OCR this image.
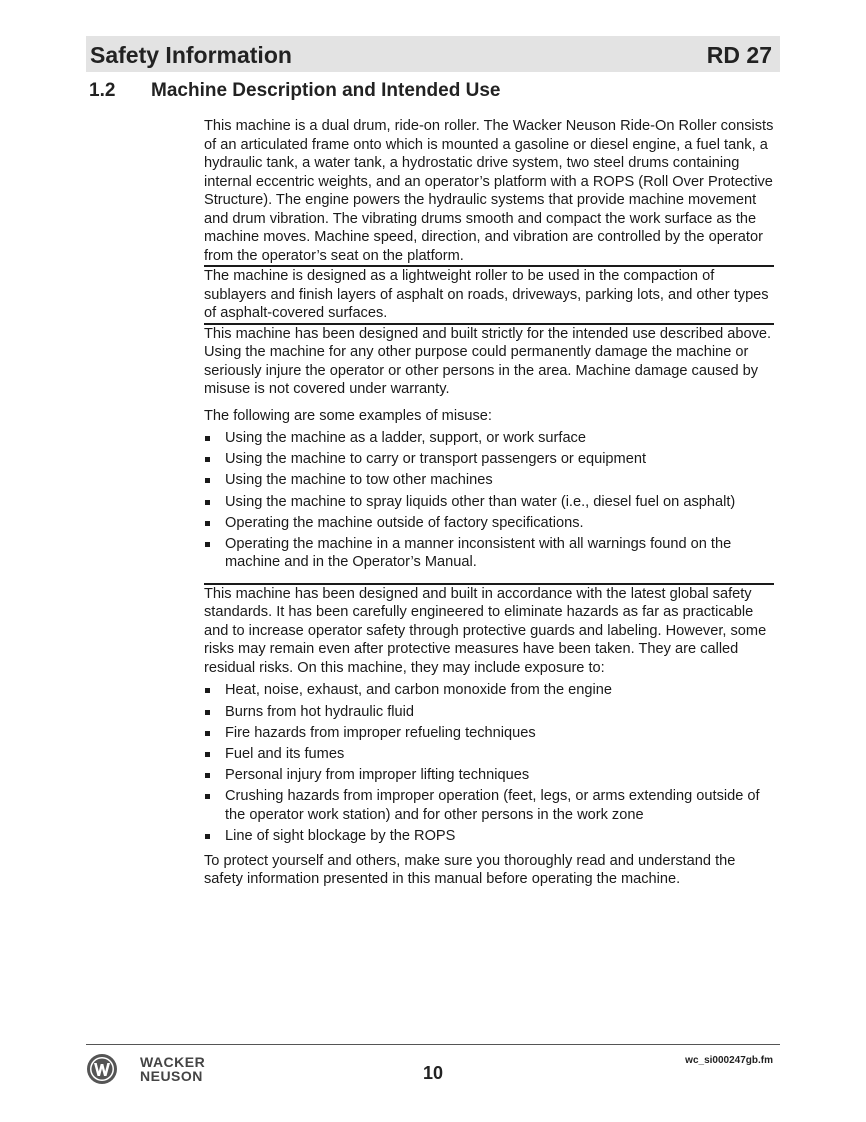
Safety Information	RD 27
1.2 Machine Description and Intended Use

This machine is a dual drum, ride-on roller. The Wacker Neuson Ride-On Roller consists of an articulated frame onto which is mounted a gasoline or diesel engine, a fuel tank, a hydraulic tank, a water tank, a hydrostatic drive system, two steel drums containing internal eccentric weights, and an operator’s platform with a ROPS (Roll Over Protective Structure). The engine powers the hydraulic systems that provide machine movement and drum vibration. The vibrating drums smooth and compact the work surface as the machine moves. Machine speed, direction, and vibration are controlled by the operator from the operator’s seat on the platform.

The machine is designed as a lightweight roller to be used in the compaction of sublayers and finish layers of asphalt on roads, driveways, parking lots, and other types of asphalt-covered surfaces.

This machine has been designed and built strictly for the intended use described above. Using the machine for any other purpose could permanently damage the machine or seriously injure the operator or other persons in the area. Machine damage caused by misuse is not covered under warranty.

The following are some examples of misuse:

Using the machine as a ladder, support, or work surface
Using the machine to carry or transport passengers or equipment
Using the machine to tow other machines
Using the machine to spray liquids other than water (i.e., diesel fuel on asphalt)
Operating the machine outside of factory specifications.
Operating the machine in a manner inconsistent with all warnings found on the machine and in the Operator’s Manual.

This machine has been designed and built in accordance with the latest global safety standards. It has been carefully engineered to eliminate hazards as far as practicable and to increase operator safety through protective guards and labeling. However, some risks may remain even after protective measures have been taken. They are called residual risks. On this machine, they may include exposure to:

Heat, noise, exhaust, and carbon monoxide from the engine
Burns from hot hydraulic fluid
Fire hazards from improper refueling techniques
Fuel and its fumes
Personal injury from improper lifting techniques
Crushing hazards from improper operation (feet, legs, or arms extending outside of the operator work station) and for other persons in the work zone
Line of sight blockage by the ROPS

To protect yourself and others, make sure you thoroughly read and understand the safety information presented in this manual before operating the machine.

WACKER
NEUSON	10
wc_si000247gb.fm
